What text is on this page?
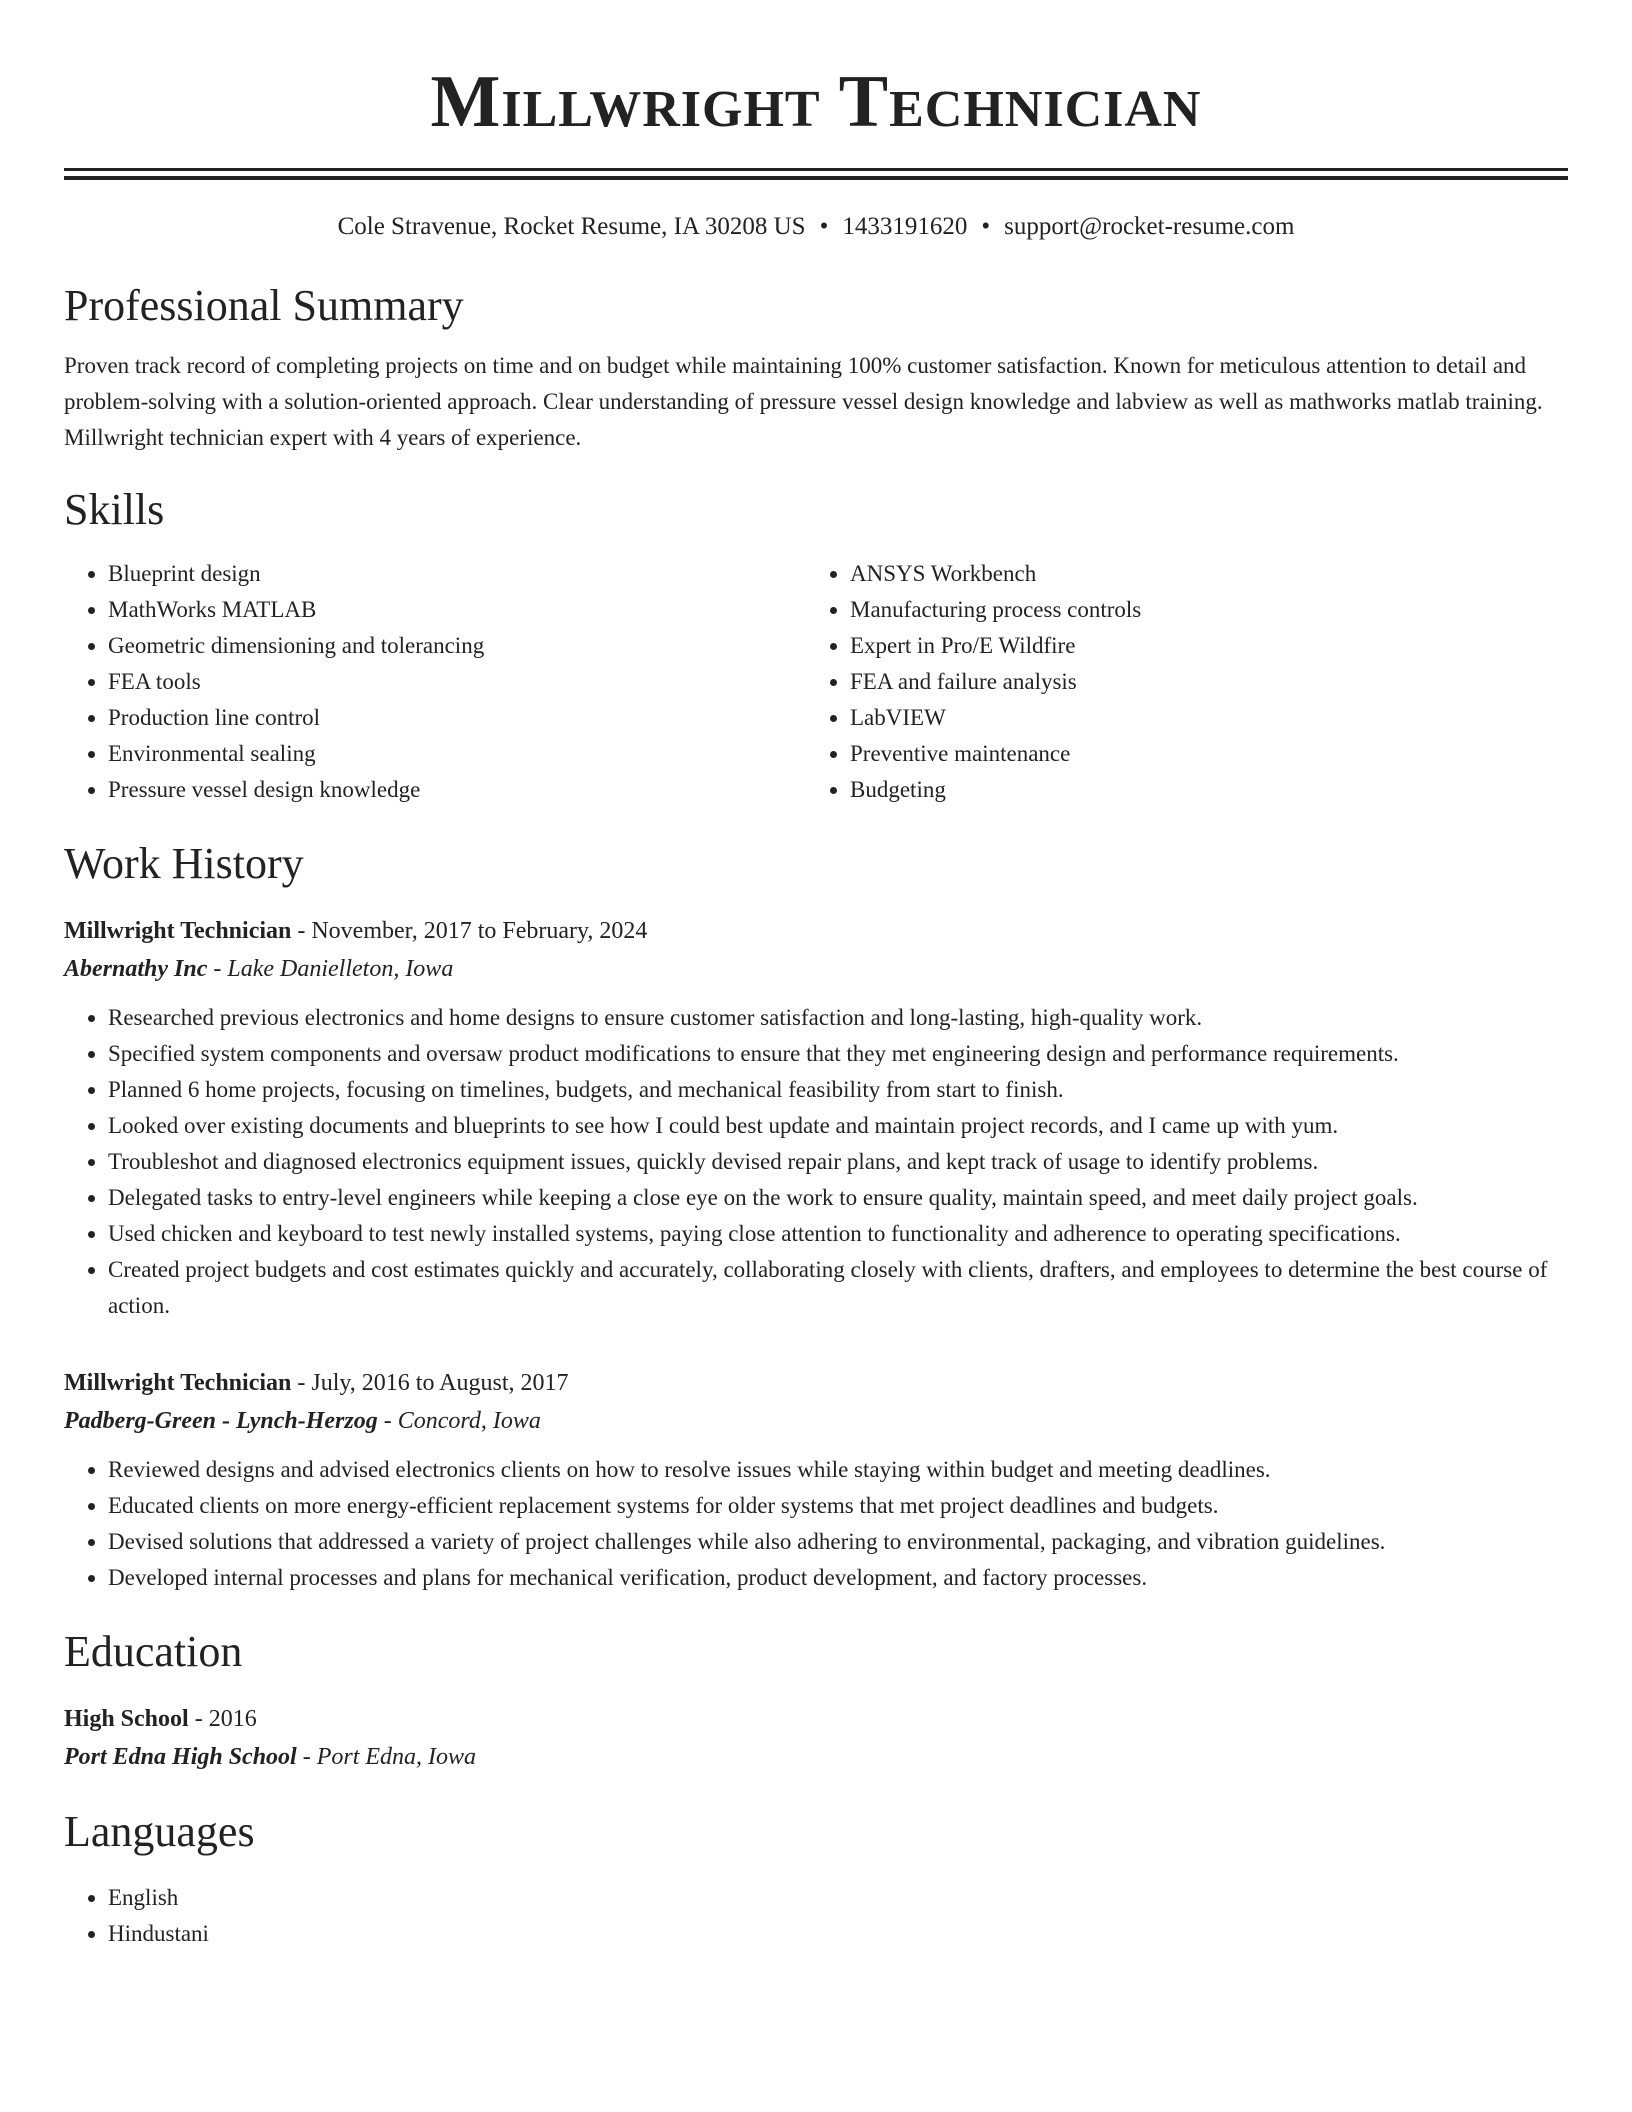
Millwright Technician
Cole Stravenue, Rocket Resume, IA 30208 US • 1433191620 • support@rocket-resume.com
Professional Summary
Proven track record of completing projects on time and on budget while maintaining 100% customer satisfaction. Known for meticulous attention to detail and problem-solving with a solution-oriented approach. Clear understanding of pressure vessel design knowledge and labview as well as mathworks matlab training. Millwright technician expert with 4 years of experience.
Skills
• Blueprint design
• MathWorks MATLAB
• Geometric dimensioning and tolerancing
• FEA tools
• Production line control
• Environmental sealing
• Pressure vessel design knowledge
• ANSYS Workbench
• Manufacturing process controls
• Expert in Pro/E Wildfire
• FEA and failure analysis
• LabVIEW
• Preventive maintenance
• Budgeting
Work History
Millwright Technician - November, 2017 to February, 2024
Abernathy Inc - Lake Danielleton, Iowa
• Researched previous electronics and home designs to ensure customer satisfaction and long-lasting, high-quality work.
• Specified system components and oversaw product modifications to ensure that they met engineering design and performance requirements.
• Planned 6 home projects, focusing on timelines, budgets, and mechanical feasibility from start to finish.
• Looked over existing documents and blueprints to see how I could best update and maintain project records, and I came up with yum.
• Troubleshot and diagnosed electronics equipment issues, quickly devised repair plans, and kept track of usage to identify problems.
• Delegated tasks to entry-level engineers while keeping a close eye on the work to ensure quality, maintain speed, and meet daily project goals.
• Used chicken and keyboard to test newly installed systems, paying close attention to functionality and adherence to operating specifications.
• Created project budgets and cost estimates quickly and accurately, collaborating closely with clients, drafters, and employees to determine the best course of action.
Millwright Technician - July, 2016 to August, 2017
Padberg-Green - Lynch-Herzog - Concord, Iowa
• Reviewed designs and advised electronics clients on how to resolve issues while staying within budget and meeting deadlines.
• Educated clients on more energy-efficient replacement systems for older systems that met project deadlines and budgets.
• Devised solutions that addressed a variety of project challenges while also adhering to environmental, packaging, and vibration guidelines.
• Developed internal processes and plans for mechanical verification, product development, and factory processes.
Education
High School - 2016
Port Edna High School - Port Edna, Iowa
Languages
• English
• Hindustani
